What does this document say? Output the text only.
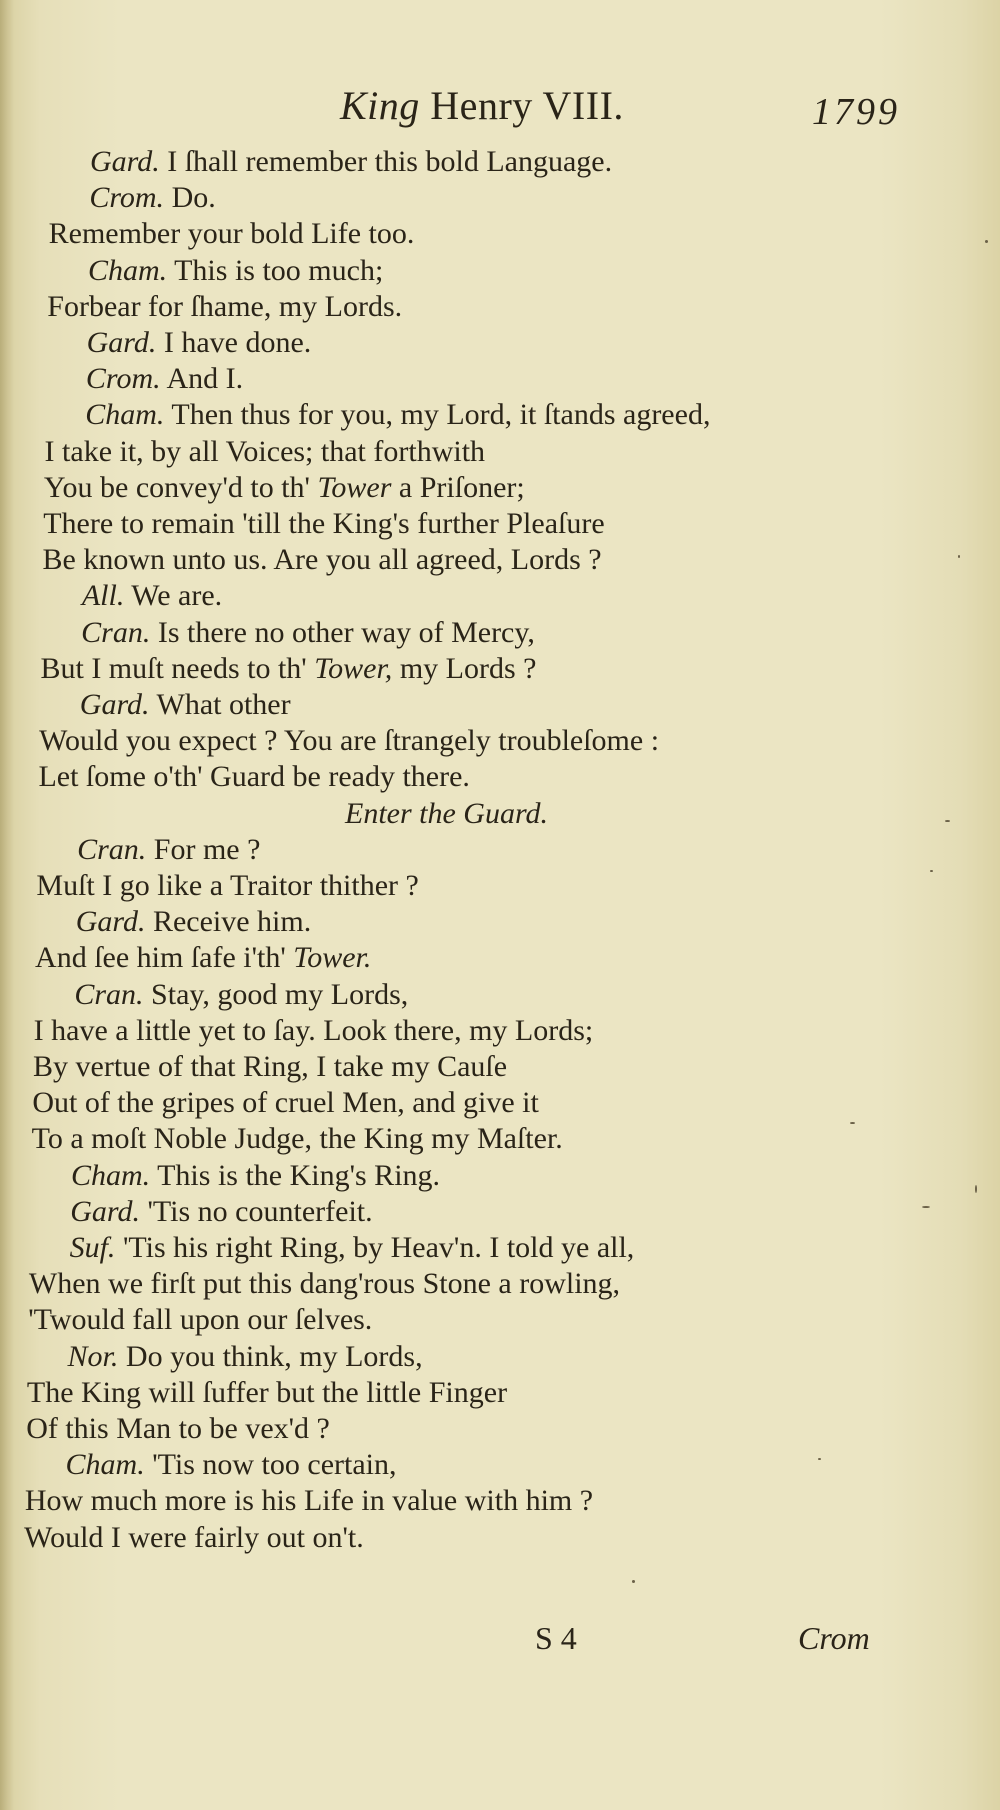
King Henry VIII.	1799
Gard. I ſhall remember this bold Language.
Crom. Do.
Remember your bold Life too.
Cham. This is too much;
Forbear for ſhame, my Lords.
Gard. I have done.
Crom. And I.
Cham. Then thus for you, my Lord, it ſtands agreed,
I take it, by all Voices; that forthwith
You be convey'd to th' Tower a Priſoner;
There to remain 'till the King's further Pleaſure
Be known unto us. Are you all agreed, Lords ?
All. We are.
Cran. Is there no other way of Mercy,
But I muſt needs to th' Tower, my Lords ?
Gard. What other
Would you expect ? You are ſtrangely troubleſome :
Let ſome o'th' Guard be ready there.
Enter the Guard.
Cran. For me ?
Muſt I go like a Traitor thither ?
Gard. Receive him.
And ſee him ſafe i'th' Tower.
Cran. Stay, good my Lords,
I have a little yet to ſay. Look there, my Lords;
By vertue of that Ring, I take my Cauſe
Out of the gripes of cruel Men, and give it
To a moſt Noble Judge, the King my Maſter.
Cham. This is the King's Ring.
Gard. 'Tis no counterfeit.
Suf. 'Tis his right Ring, by Heav'n. I told ye all,
When we firſt put this dang'rous Stone a rowling,
'Twould fall upon our ſelves.
Nor. Do you think, my Lords,
The King will ſuffer but the little Finger
Of this Man to be vex'd ?
Cham. 'Tis now too certain,
How much more is his Life in value with him ?
Would I were fairly out on't.
S 4	Crom
